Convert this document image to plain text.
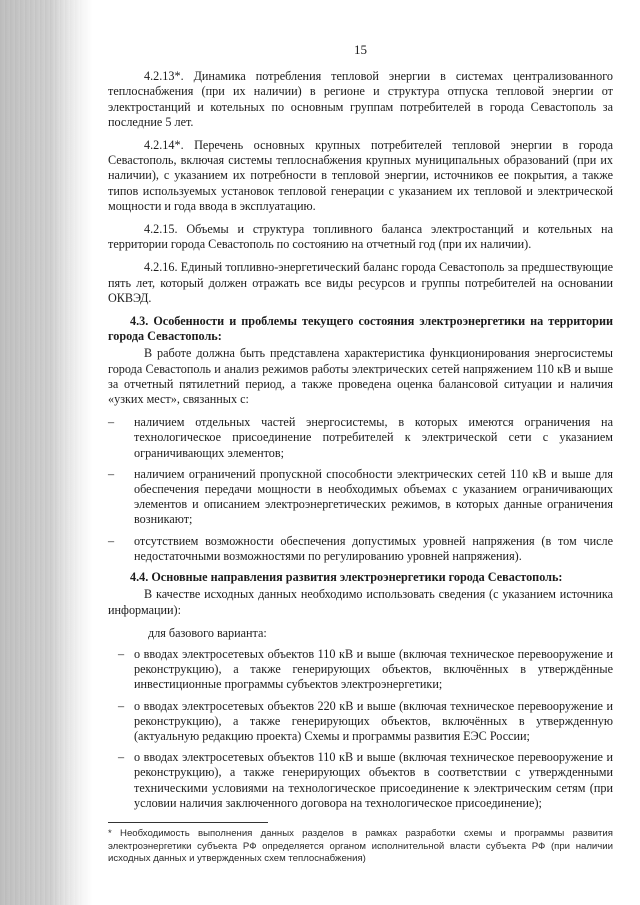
15

4.2.13*. Динамика потребления тепловой энергии в системах централизованного теплоснабжения (при их наличии) в регионе и структура отпуска тепловой энергии от электростанций и котельных по основным группам потребителей в города Севастополь за последние 5 лет.

4.2.14*. Перечень основных крупных потребителей тепловой энергии в города Севастополь, включая системы теплоснабжения крупных муниципальных образований (при их наличии), с указанием их потребности в тепловой энергии, источников ее покрытия, а также типов используемых установок тепловой генерации с указанием их тепловой и электрической мощности и года ввода в эксплуатацию.

4.2.15. Объемы и структура топливного баланса электростанций и котельных на территории города Севастополь по состоянию на отчетный год (при их наличии).

4.2.16. Единый топливно-энергетический баланс города Севастополь за предшествующие пять лет, который должен отражать все виды ресурсов и группы потребителей на основании ОКВЭД.

4.3. Особенности и проблемы текущего состояния электроэнергетики на территории города Севастополь:

В работе должна быть представлена характеристика функционирования энергосистемы города Севастополь и анализ режимов работы электрических сетей напряжением 110 кВ и выше за отчетный пятилетний период, а также проведена оценка балансовой ситуации и наличия «узких мест», связанных с:

– наличием отдельных частей энергосистемы, в которых имеются ограничения на технологическое присоединение потребителей к электрической сети с указанием ограничивающих элементов;
– наличием ограничений пропускной способности электрических сетей 110 кВ и выше для обеспечения передачи мощности в необходимых объемах с указанием ограничивающих элементов и описанием электроэнергетических режимов, в которых данные ограничения возникают;
– отсутствием возможности обеспечения допустимых уровней напряжения (в том числе недостаточными возможностями по регулированию уровней напряжения).

4.4. Основные направления развития электроэнергетики города Севастополь:

В качестве исходных данных необходимо использовать сведения (с указанием источника информации):

для базового варианта:

– о вводах электросетевых объектов 110 кВ и выше (включая техническое перевооружение и реконструкцию), а также генерирующих объектов, включённых в утверждённые инвестиционные программы субъектов электроэнергетики;
– о вводах электросетевых объектов 220 кВ и выше (включая техническое перевооружение и реконструкцию), а также генерирующих объектов, включённых в утвержденную (актуальную редакцию проекта) Схемы и программы развития ЕЭС России;
– о вводах электросетевых объектов 110 кВ и выше (включая техническое перевооружение и реконструкцию), а также генерирующих объектов в соответствии с утвержденными техническими условиями на технологическое присоединение к электрическим сетям (при условии наличия заключенного договора на технологическое присоединение);
* Необходимость выполнения данных разделов в рамках разработки схемы и программы развития электроэнергетики субъекта РФ определяется органом исполнительной власти субъекта РФ (при наличии исходных данных и утвержденных схем теплоснабжения)
